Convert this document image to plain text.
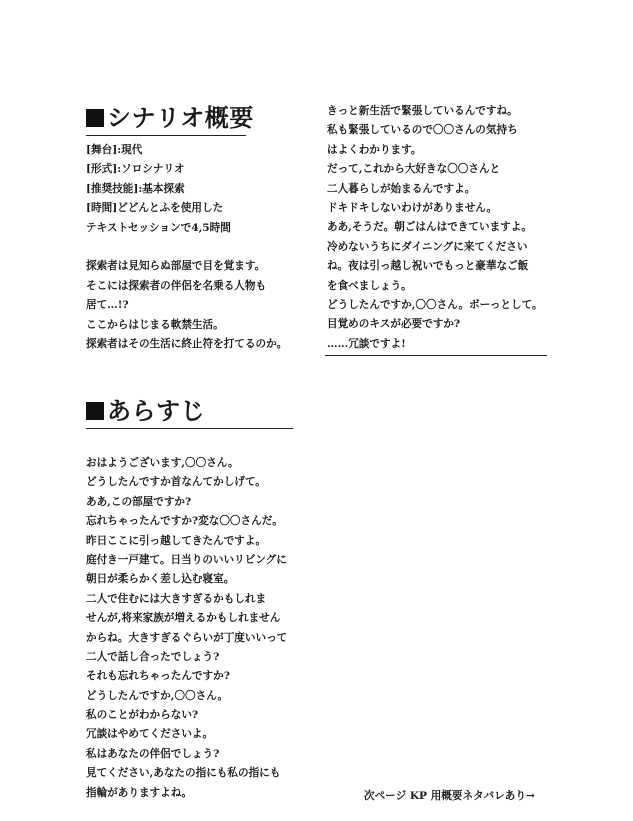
シナリオ概要
[舞台]:現代
[形式]:ソロシナリオ
[推奨技能]:基本探索
[時間]どどんとふを使用した
テキストセッションで4,5時間
探索者は見知らぬ部屋で目を覚ます。
そこには探索者の伴侶を名乗る人物も
居て…!?
ここからはじまる軟禁生活。
探索者はその生活に終止符を打てるのか。
きっと新生活で緊張しているんですね。
私も緊張しているので〇〇さんの気持ち
はよくわかります。
だって,これから大好きな〇〇さんと
二人暮らしが始まるんですよ。
ドキドキしないわけがありません。
ああ,そうだ。朝ごはんはできていますよ。
冷めないうちにダイニングに来てください
ね。夜は引っ越し祝いでもっと豪華なご飯
を食べましょう。
どうしたんですか,〇〇さん。ボーっとして。
目覚めのキスが必要ですか?
……冗談ですよ!
あらすじ
おはようございます,〇〇さん。
どうしたんですか首なんてかしげて。
ああ,この部屋ですか?
忘れちゃったんですか?変な〇〇さんだ。
昨日ここに引っ越してきたんですよ。
庭付き一戸建て。日当りのいいリビングに
朝日が柔らかく差し込む寝室。
二人で住むには大きすぎるかもしれま
せんが,将来家族が増えるかもしれません
からね。大きすぎるぐらいが丁度いいって
二人で話し合ったでしょう?
それも忘れちゃったんですか?
どうしたんですか,〇〇さん。
私のことがわからない?
冗談はやめてくださいよ。
私はあなたの伴侶でしょう?
見てください,あなたの指にも私の指にも
指輪がありますよね。	次ページ KP 用概要ネタバレあり→
